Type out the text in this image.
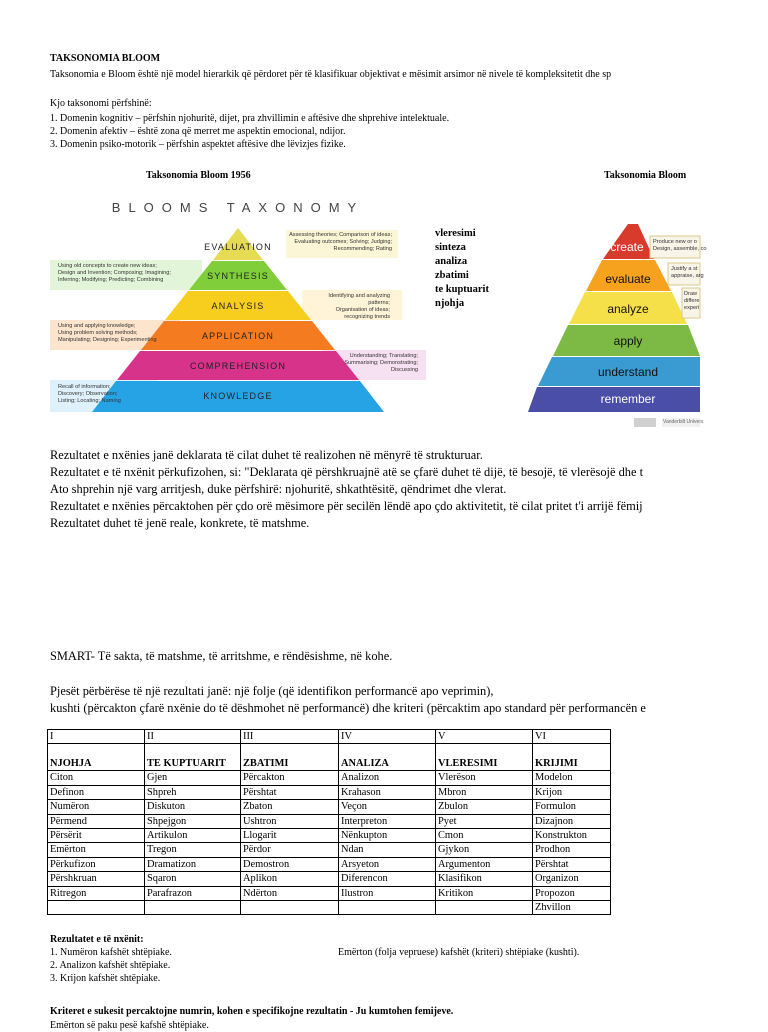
TAKSONOMIA BLOOM
Taksonomia e Bloom është një model hierarkik që përdoret për të klasifikuar objektivat e mësimit arsimor në nivele të kompleksitetit dhe sp
Kjo taksonomi përfshinë:
1. Domenin kognitiv – përfshin njohuritë, dijet, pra zhvillimin e aftësive dhe shprehive intelektuale.
2. Domenin afektiv – është zona që merret me aspektin emocional, ndijor.
3. Domenin psiko-motorik – përfshin aspektet aftësive dhe lëvizjes fizike.
Taksonomia Bloom 1956	Taksonomia Bloom
BLOOMS TAXONOMY
EVALUATION
SYNTHESIS
ANALYSIS
APPLICATION
COMPREHENSION
KNOWLEDGE
Assessing theories; Comparison of ideas;
Evaluating outcomes; Solving; Judging;
Recommending; Rating
Using old concepts to create new ideas;
Design and Invention; Composing; Imagining;
Inferring; Modifying; Predicting; Combining
Identifying and analyzing patterns;
Organisation of ideas;
recognizing trends
Using and applying knowledge;
Using problem solving methods;
Manipulating; Designing; Experimenting
Understanding; Translating;
Summarising; Demonstrating;
Discussing
Recall of information;
Discovery; Observation;
Listing; Locating; Naming
vleresimi
sinteza
analiza
zbatimi
te kuptuarit
njohja
create
evaluate
analyze
apply
understand
remember
Produce new or o
Design, assemble, co
Justify a st
appraise, arg
Draw
differe
experi
Vanderbilt Univers
Rezultatet e nxënies janë deklarata të cilat duhet të realizohen në mënyrë të strukturuar.
Rezultatet e të nxënit përkufizohen, si: "Deklarata që përshkruajnë atë se çfarë duhet të dijë, të besojë, të vlerësojë dhe t
Ato shprehin një varg arritjesh, duke përfshirë: njohuritë, shkathtësitë, qëndrimet dhe vlerat.
Rezultatet e nxënies përcaktohen për çdo orë mësimore për secilën lëndë apo çdo aktivitetit, të cilat pritet t'i arrijë fëmij
Rezultatet duhet të jenë reale, konkrete, të matshme.
SMART- Të sakta, të matshme, të arritshme, e rëndësishme, në kohe.
Pjesët përbërëse të një rezultati janë: një folje (që identifikon performancë apo veprimin),
kushti (përcakton çfarë nxënie do të dëshmohet në performancë) dhe kriteri (përcaktim apo standard për performancën e
I	II	III	IV	V	VI
NJOHJA	TE KUPTUARIT	ZBATIMI	ANALIZA	VLERESIMI	KRIJIMI
Citon	Gjen	Përcakton	Analizon	Vlerëson	Modelon
Definon	Shpreh	Përshtat	Krahason	Mbron	Krijon
Numëron	Diskuton	Zbaton	Veçon	Zbulon	Formulon
Përmend	Shpejgon	Ushtron	Interpreton	Pyet	Dizajnon
Përsërit	Artikulon	Llogarit	Nënkupton	Cmon	Konstrukton
Emërton	Tregon	Përdor	Ndan	Gjykon	Prodhon
Përkufizon	Dramatizon	Demostron	Arsyeton	Argumenton	Përshtat
Përshkruan	Sqaron	Aplikon	Diferencon	Klasifikon	Organizon
Ritregon	Parafrazon	Ndërton	Ilustron	Kritikon	Propozon
					Zhvillon
Rezultatet e të nxënit:
1. Numëron kafshët shtëpiake.
2. Analizon kafshët shtëpiake.
3. Krijon kafshët shtëpiake.
Emërton (folja vepruese) kafshët (kriteri) shtëpiake (kushti).
Kriteret e sukesit percaktojne numrin, kohen e specifikojne rezultatin - Ju kumtohen femijeve.
Emërton së paku pesë kafshë shtëpiake.
